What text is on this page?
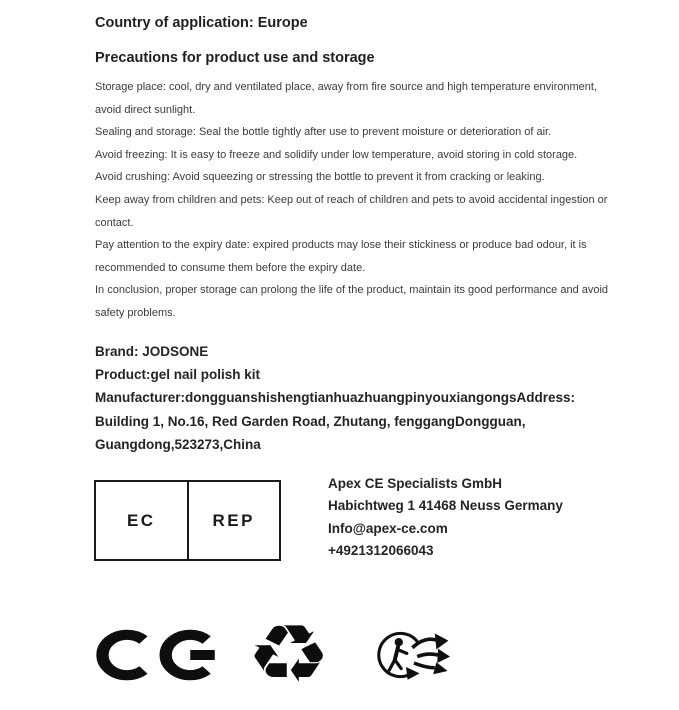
Country of application: Europe
Precautions for product use and storage
Storage place: cool, dry and ventilated place, away from fire source and high temperature environment,
avoid direct sunlight.
Sealing and storage: Seal the bottle tightly after use to prevent moisture or deterioration of air.
Avoid freezing: It is easy to freeze and solidify under low temperature, avoid storing in cold storage.
Avoid crushing: Avoid squeezing or stressing the bottle to prevent it from cracking or leaking.
Keep away from children and pets: Keep out of reach of children and pets to avoid accidental ingestion or
contact.
Pay attention to the expiry date: expired products may lose their stickiness or produce bad odour, it is
recommended to consume them before the expiry date.
In conclusion, proper storage can prolong the life of the product, maintain its good performance and avoid
safety problems.
Brand: JODSONE
Product:gel nail polish kit
Manufacturer:dongguanshishengtianhuazhuangpinyouxiangongsAddress:
Building 1, No.16, Red Garden Road, Zhutang, fenggangDongguan,
Guangdong,523273,China
EC	REP
Apex CE Specialists GmbH
Habichtweg 1 41468 Neuss Germany
Info@apex-ce.com
+4921312066043
♻
